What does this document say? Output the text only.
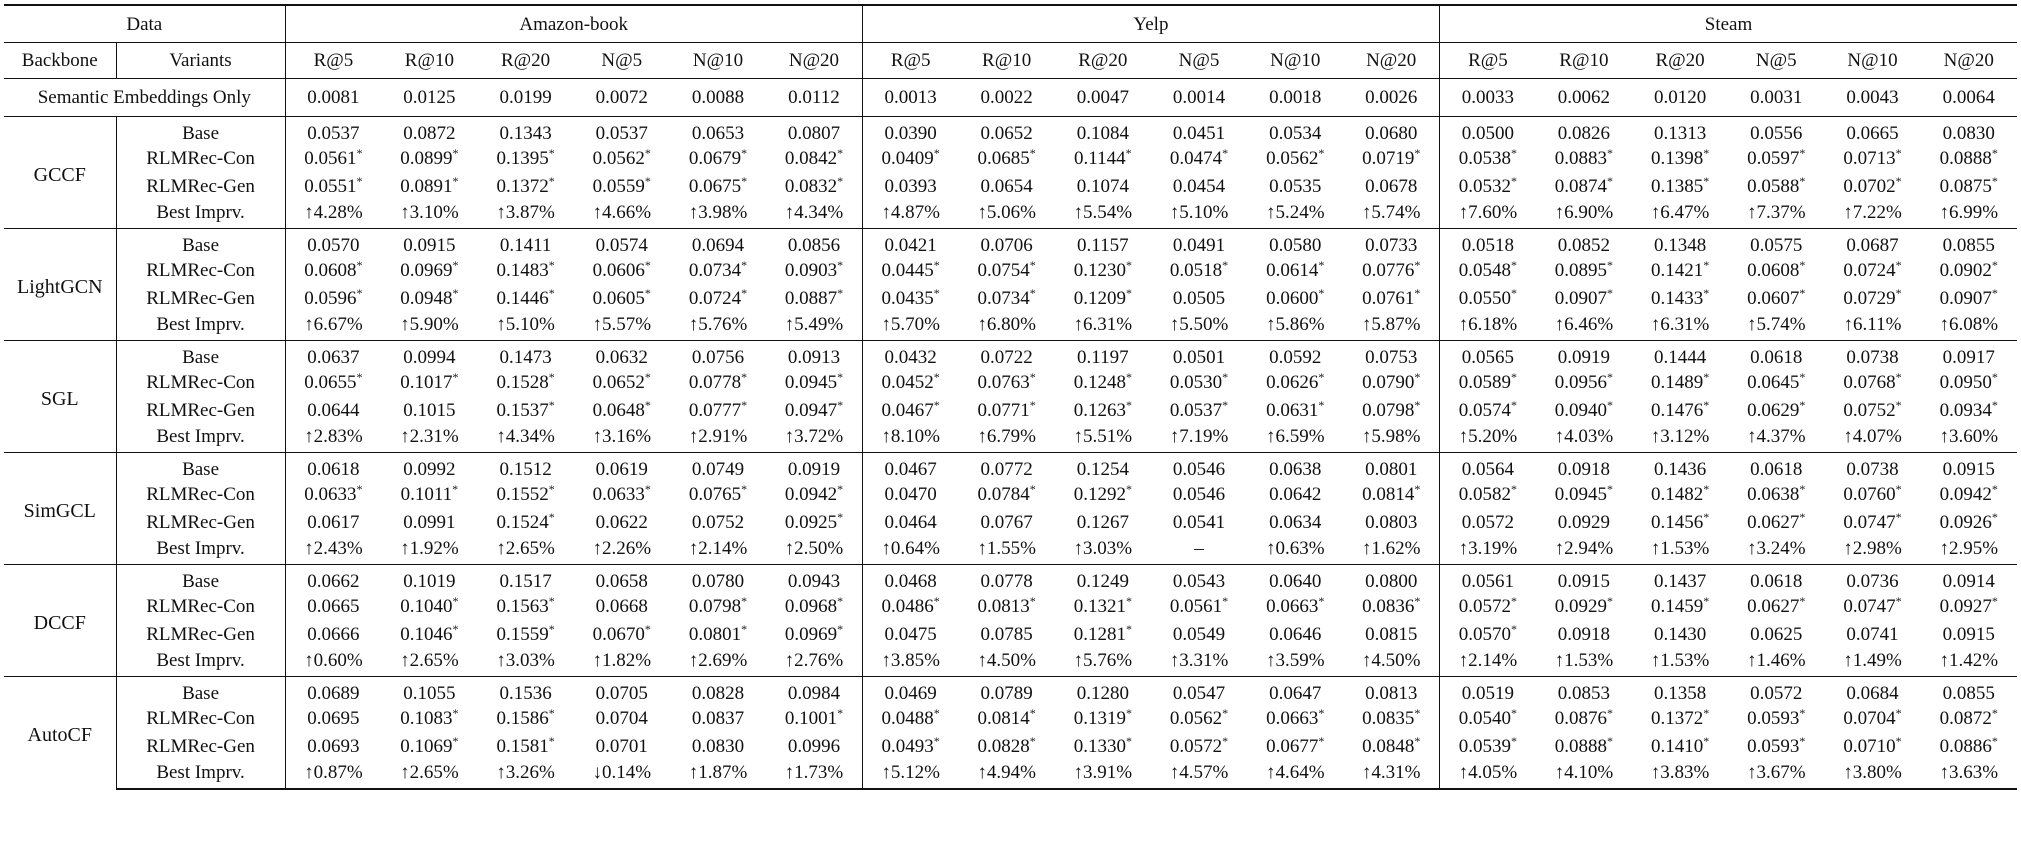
Data		Amazon-book						Yelp						Steam					
Backbone	Variants	R@5	R@10	R@20	N@5	N@10	N@20	R@5	R@10	R@20	N@5	N@10	N@20	R@5	R@10	R@20	N@5	N@10	N@20
Semantic Embeddings Only		0.0081	0.0125	0.0199	0.0072	0.0088	0.0112	0.0013	0.0022	0.0047	0.0014	0.0018	0.0026	0.0033	0.0062	0.0120	0.0031	0.0043	0.0064
GCCF	Base	0.0537	0.0872	0.1343	0.0537	0.0653	0.0807	0.0390	0.0652	0.1084	0.0451	0.0534	0.0680	0.0500	0.0826	0.1313	0.0556	0.0665	0.0830
	RLMRec-Con	0.0561*	0.0899*	0.1395*	0.0562*	0.0679*	0.0842*	0.0409*	0.0685*	0.1144*	0.0474*	0.0562*	0.0719*	0.0538*	0.0883*	0.1398*	0.0597*	0.0713*	0.0888*
	RLMRec-Gen	0.0551*	0.0891*	0.1372*	0.0559*	0.0675*	0.0832*	0.0393	0.0654	0.1074	0.0454	0.0535	0.0678	0.0532*	0.0874*	0.1385*	0.0588*	0.0702*	0.0875*
	Best Imprv.	↑4.28%	↑3.10%	↑3.87%	↑4.66%	↑3.98%	↑4.34%	↑4.87%	↑5.06%	↑5.54%	↑5.10%	↑5.24%	↑5.74%	↑7.60%	↑6.90%	↑6.47%	↑7.37%	↑7.22%	↑6.99%
LightGCN	Base	0.0570	0.0915	0.1411	0.0574	0.0694	0.0856	0.0421	0.0706	0.1157	0.0491	0.0580	0.0733	0.0518	0.0852	0.1348	0.0575	0.0687	0.0855
	RLMRec-Con	0.0608*	0.0969*	0.1483*	0.0606*	0.0734*	0.0903*	0.0445*	0.0754*	0.1230*	0.0518*	0.0614*	0.0776*	0.0548*	0.0895*	0.1421*	0.0608*	0.0724*	0.0902*
	RLMRec-Gen	0.0596*	0.0948*	0.1446*	0.0605*	0.0724*	0.0887*	0.0435*	0.0734*	0.1209*	0.0505	0.0600*	0.0761*	0.0550*	0.0907*	0.1433*	0.0607*	0.0729*	0.0907*
	Best Imprv.	↑6.67%	↑5.90%	↑5.10%	↑5.57%	↑5.76%	↑5.49%	↑5.70%	↑6.80%	↑6.31%	↑5.50%	↑5.86%	↑5.87%	↑6.18%	↑6.46%	↑6.31%	↑5.74%	↑6.11%	↑6.08%
SGL	Base	0.0637	0.0994	0.1473	0.0632	0.0756	0.0913	0.0432	0.0722	0.1197	0.0501	0.0592	0.0753	0.0565	0.0919	0.1444	0.0618	0.0738	0.0917
	RLMRec-Con	0.0655*	0.1017*	0.1528*	0.0652*	0.0778*	0.0945*	0.0452*	0.0763*	0.1248*	0.0530*	0.0626*	0.0790*	0.0589*	0.0956*	0.1489*	0.0645*	0.0768*	0.0950*
	RLMRec-Gen	0.0644	0.1015	0.1537*	0.0648*	0.0777*	0.0947*	0.0467*	0.0771*	0.1263*	0.0537*	0.0631*	0.0798*	0.0574*	0.0940*	0.1476*	0.0629*	0.0752*	0.0934*
	Best Imprv.	↑2.83%	↑2.31%	↑4.34%	↑3.16%	↑2.91%	↑3.72%	↑8.10%	↑6.79%	↑5.51%	↑7.19%	↑6.59%	↑5.98%	↑5.20%	↑4.03%	↑3.12%	↑4.37%	↑4.07%	↑3.60%
SimGCL	Base	0.0618	0.0992	0.1512	0.0619	0.0749	0.0919	0.0467	0.0772	0.1254	0.0546	0.0638	0.0801	0.0564	0.0918	0.1436	0.0618	0.0738	0.0915
	RLMRec-Con	0.0633*	0.1011*	0.1552*	0.0633*	0.0765*	0.0942*	0.0470	0.0784*	0.1292*	0.0546	0.0642	0.0814*	0.0582*	0.0945*	0.1482*	0.0638*	0.0760*	0.0942*
	RLMRec-Gen	0.0617	0.0991	0.1524*	0.0622	0.0752	0.0925*	0.0464	0.0767	0.1267	0.0541	0.0634	0.0803	0.0572	0.0929	0.1456*	0.0627*	0.0747*	0.0926*
	Best Imprv.	↑2.43%	↑1.92%	↑2.65%	↑2.26%	↑2.14%	↑2.50%	↑0.64%	↑1.55%	↑3.03%	–	↑0.63%	↑1.62%	↑3.19%	↑2.94%	↑1.53%	↑3.24%	↑2.98%	↑2.95%
DCCF	Base	0.0662	0.1019	0.1517	0.0658	0.0780	0.0943	0.0468	0.0778	0.1249	0.0543	0.0640	0.0800	0.0561	0.0915	0.1437	0.0618	0.0736	0.0914
	RLMRec-Con	0.0665	0.1040*	0.1563*	0.0668	0.0798*	0.0968*	0.0486*	0.0813*	0.1321*	0.0561*	0.0663*	0.0836*	0.0572*	0.0929*	0.1459*	0.0627*	0.0747*	0.0927*
	RLMRec-Gen	0.0666	0.1046*	0.1559*	0.0670*	0.0801*	0.0969*	0.0475	0.0785	0.1281*	0.0549	0.0646	0.0815	0.0570*	0.0918	0.1430	0.0625	0.0741	0.0915
	Best Imprv.	↑0.60%	↑2.65%	↑3.03%	↑1.82%	↑2.69%	↑2.76%	↑3.85%	↑4.50%	↑5.76%	↑3.31%	↑3.59%	↑4.50%	↑2.14%	↑1.53%	↑1.53%	↑1.46%	↑1.49%	↑1.42%
AutoCF	Base	0.0689	0.1055	0.1536	0.0705	0.0828	0.0984	0.0469	0.0789	0.1280	0.0547	0.0647	0.0813	0.0519	0.0853	0.1358	0.0572	0.0684	0.0855
	RLMRec-Con	0.0695	0.1083*	0.1586*	0.0704	0.0837	0.1001*	0.0488*	0.0814*	0.1319*	0.0562*	0.0663*	0.0835*	0.0540*	0.0876*	0.1372*	0.0593*	0.0704*	0.0872*
	RLMRec-Gen	0.0693	0.1069*	0.1581*	0.0701	0.0830	0.0996	0.0493*	0.0828*	0.1330*	0.0572*	0.0677*	0.0848*	0.0539*	0.0888*	0.1410*	0.0593*	0.0710*	0.0886*
	Best Imprv.	↑0.87%	↑2.65%	↑3.26%	↓0.14%	↑1.87%	↑1.73%	↑5.12%	↑4.94%	↑3.91%	↑4.57%	↑4.64%	↑4.31%	↑4.05%	↑4.10%	↑3.83%	↑3.67%	↑3.80%	↑3.63%
